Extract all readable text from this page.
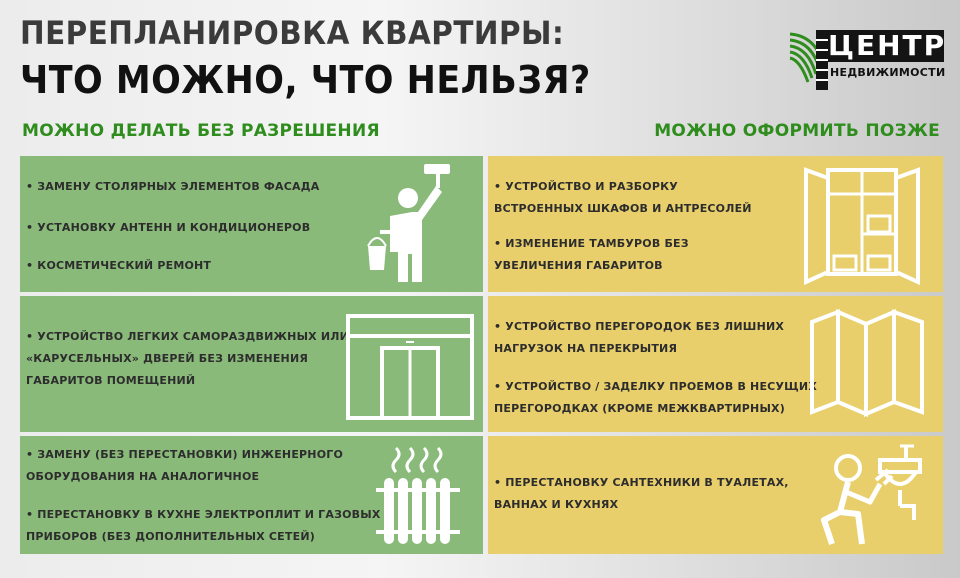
ПЕРЕПЛАНИРОВКА КВАРТИРЫ:
ЧТО МОЖНО, ЧТО НЕЛЬЗЯ?
ЦЕНТР
НЕДВИЖИМОСТИ
МОЖНО ДЕЛАТЬ БЕЗ РАЗРЕШЕНИЯ	МОЖНО ОФОРМИТЬ ПОЗЖЕ
• ЗАМЕНУ СТОЛЯРНЫХ ЭЛЕМЕНТОВ ФАСАДА
• УСТАНОВКУ АНТЕНН И КОНДИЦИОНЕРОВ
• КОСМЕТИЧЕСКИЙ РЕМОНТ
• УСТРОЙСТВО ЛЕГКИХ САМОРАЗДВИЖНЫХ ИЛИ
«КАРУСЕЛЬНЫХ» ДВЕРЕЙ БЕЗ ИЗМЕНЕНИЯ
ГАБАРИТОВ ПОМЕЩЕНИЙ
• ЗАМЕНУ (БЕЗ ПЕРЕСТАНОВКИ) ИНЖЕНЕРНОГО
ОБОРУДОВАНИЯ НА АНАЛОГИЧНОЕ
• ПЕРЕСТАНОВКУ В КУХНЕ ЭЛЕКТРОПЛИТ И ГАЗОВЫХ
ПРИБОРОВ (БЕЗ ДОПОЛНИТЕЛЬНЫХ СЕТЕЙ)
• УСТРОЙСТВО И РАЗБОРКУ
ВСТРОЕННЫХ ШКАФОВ И АНТРЕСОЛЕЙ
• ИЗМЕНЕНИЕ ТАМБУРОВ БЕЗ
УВЕЛИЧЕНИЯ ГАБАРИТОВ
• УСТРОЙСТВО ПЕРЕГОРОДОК БЕЗ ЛИШНИХ
НАГРУЗОК НА ПЕРЕКРЫТИЯ
• УСТРОЙСТВО / ЗАДЕЛКУ ПРОЕМОВ В НЕСУЩИХ
ПЕРЕГОРОДКАХ (КРОМЕ МЕЖКВАРТИРНЫХ)
• ПЕРЕСТАНОВКУ САНТЕХНИКИ В ТУАЛЕТАХ,
ВАННАХ И КУХНЯХ
